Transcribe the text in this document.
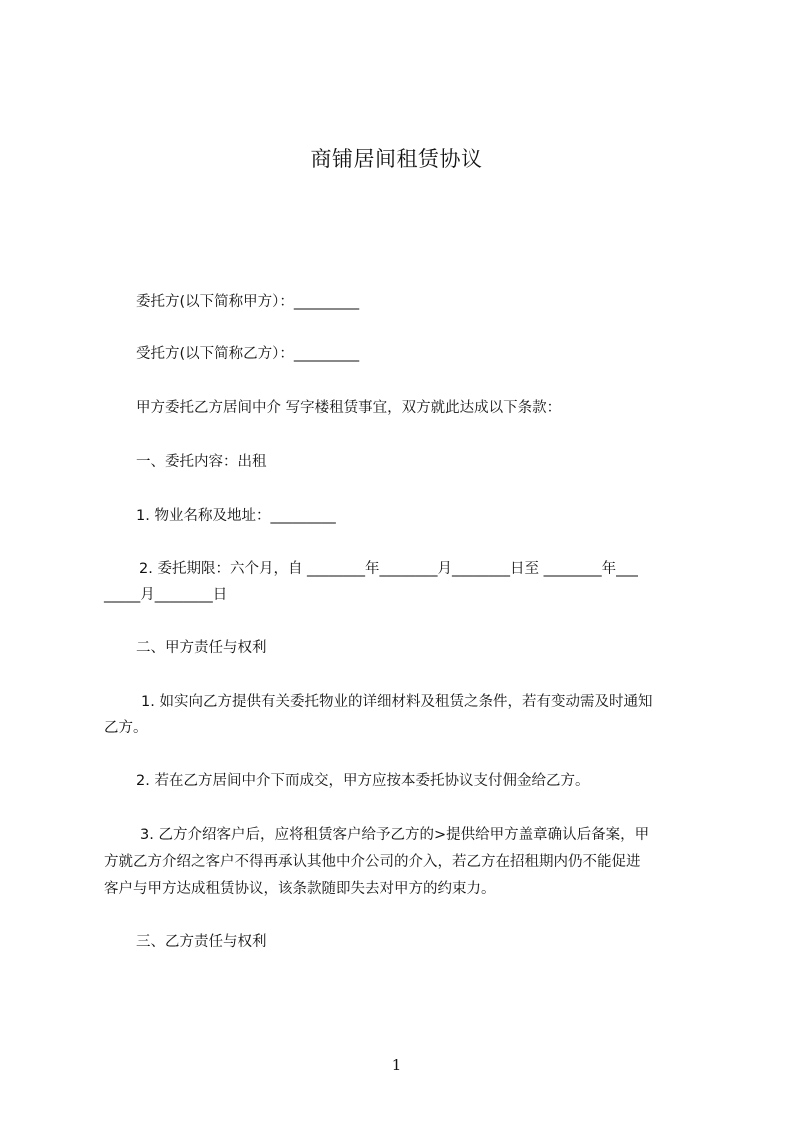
商铺居间租赁协议
委托方(以下简称甲方）：_________
受托方(以下简称乙方）：_________
甲方委托乙方居间中介 写字楼租赁事宜，双方就此达成以下条款：
一、委托内容：出租
1. 物业名称及地址：_________
2. 委托期限：六个月，自 ________年________月________日至 ________年___
_____月________日
二、甲方责任与权利
1. 如实向乙方提供有关委托物业的详细材料及租赁之条件，若有变动需及时通知
乙方。
2. 若在乙方居间中介下而成交，甲方应按本委托协议支付佣金给乙方。
3. 乙方介绍客户后，应将租赁客户给予乙方的>提供给甲方盖章确认后备案，甲
方就乙方介绍之客户不得再承认其他中介公司的介入，若乙方在招租期内仍不能促进
客户与甲方达成租赁协议，该条款随即失去对甲方的约束力。
三、乙方责任与权利
1
